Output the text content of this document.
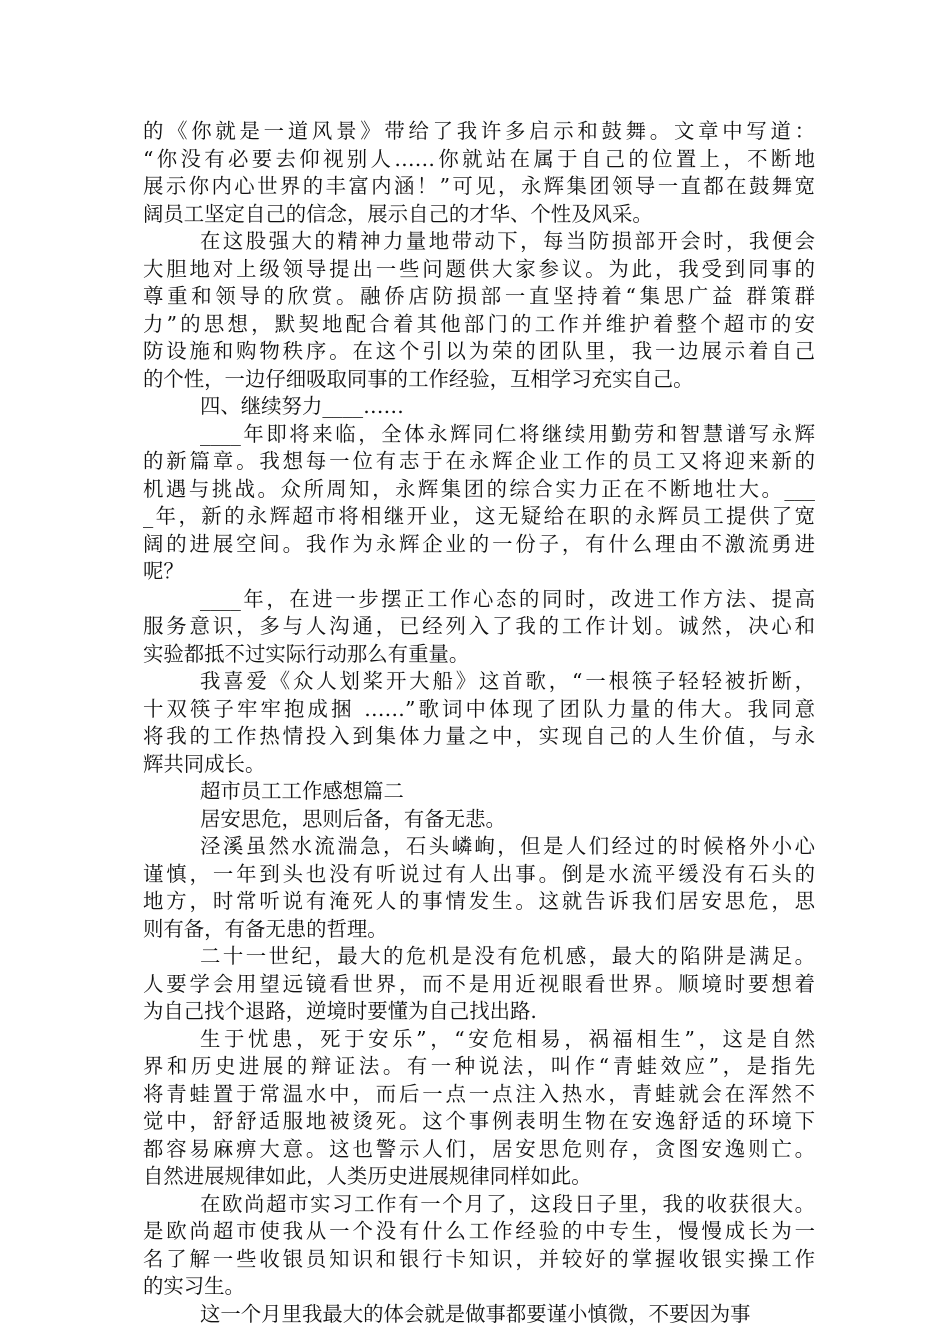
的《你就是一道风景》带给了我许多启示和鼓舞。文章中写道：
“你没有必要去仰视别人……你就站在属于自己的位置上，不断地
展示你内心世界的丰富内涵！”可见，永辉集团领导一直都在鼓舞宽
阔员工坚定自己的信念，展示自己的才华、个性及风采。
在这股强大的精神力量地带动下，每当防损部开会时，我便会
大胆地对上级领导提出一些问题供大家参议。为此，我受到同事的
尊重和领导的欣赏。融侨店防损部一直坚持着“集思广益 群策群
力”的思想，默契地配合着其他部门的工作并维护着整个超市的安
防设施和购物秩序。在这个引以为荣的团队里，我一边展示着自己
的个性，一边仔细吸取同事的工作经验，互相学习充实自己。
四、继续努力____……
____年即将来临，全体永辉同仁将继续用勤劳和智慧谱写永辉
的新篇章。我想每一位有志于在永辉企业工作的员工又将迎来新的
机遇与挑战。众所周知，永辉集团的综合实力正在不断地壮大。___
_年，新的永辉超市将相继开业，这无疑给在职的永辉员工提供了宽
阔的进展空间。我作为永辉企业的一份子，有什么理由不激流勇进
呢？
____年，在进一步摆正工作心态的同时，改进工作方法、提高
服务意识，多与人沟通，已经列入了我的工作计划。诚然，决心和
实验都抵不过实际行动那么有重量。
我喜爱《众人划桨开大船》这首歌，“一根筷子轻轻被折断，
十双筷子牢牢抱成捆 ……”歌词中体现了团队力量的伟大。我同意
将我的工作热情投入到集体力量之中，实现自己的人生价值，与永
辉共同成长。
超市员工工作感想篇二
居安思危，思则后备，有备无悲。
泾溪虽然水流湍急，石头嶙峋，但是人们经过的时候格外小心
谨慎，一年到头也没有听说过有人出事。倒是水流平缓没有石头的
地方，时常听说有淹死人的事情发生。这就告诉我们居安思危，思
则有备，有备无患的哲理。
二十一世纪，最大的危机是没有危机感，最大的陷阱是满足。
人要学会用望远镜看世界，而不是用近视眼看世界。顺境时要想着
为自己找个退路，逆境时要懂为自己找出路.
生于忧患，死于安乐”，“安危相易，祸福相生”，这是自然
界和历史进展的辩证法。有一种说法，叫作“青蛙效应”，是指先
将青蛙置于常温水中，而后一点一点注入热水，青蛙就会在浑然不
觉中，舒舒适服地被烫死。这个事例表明生物在安逸舒适的环境下
都容易麻痹大意。这也警示人们，居安思危则存，贪图安逸则亡。
自然进展规律如此，人类历史进展规律同样如此。
在欧尚超市实习工作有一个月了，这段日子里，我的收获很大。
是欧尚超市使我从一个没有什么工作经验的中专生，慢慢成长为一
名了解一些收银员知识和银行卡知识，并较好的掌握收银实操工作
的实习生。
这一个月里我最大的体会就是做事都要谨小慎微，不要因为事
